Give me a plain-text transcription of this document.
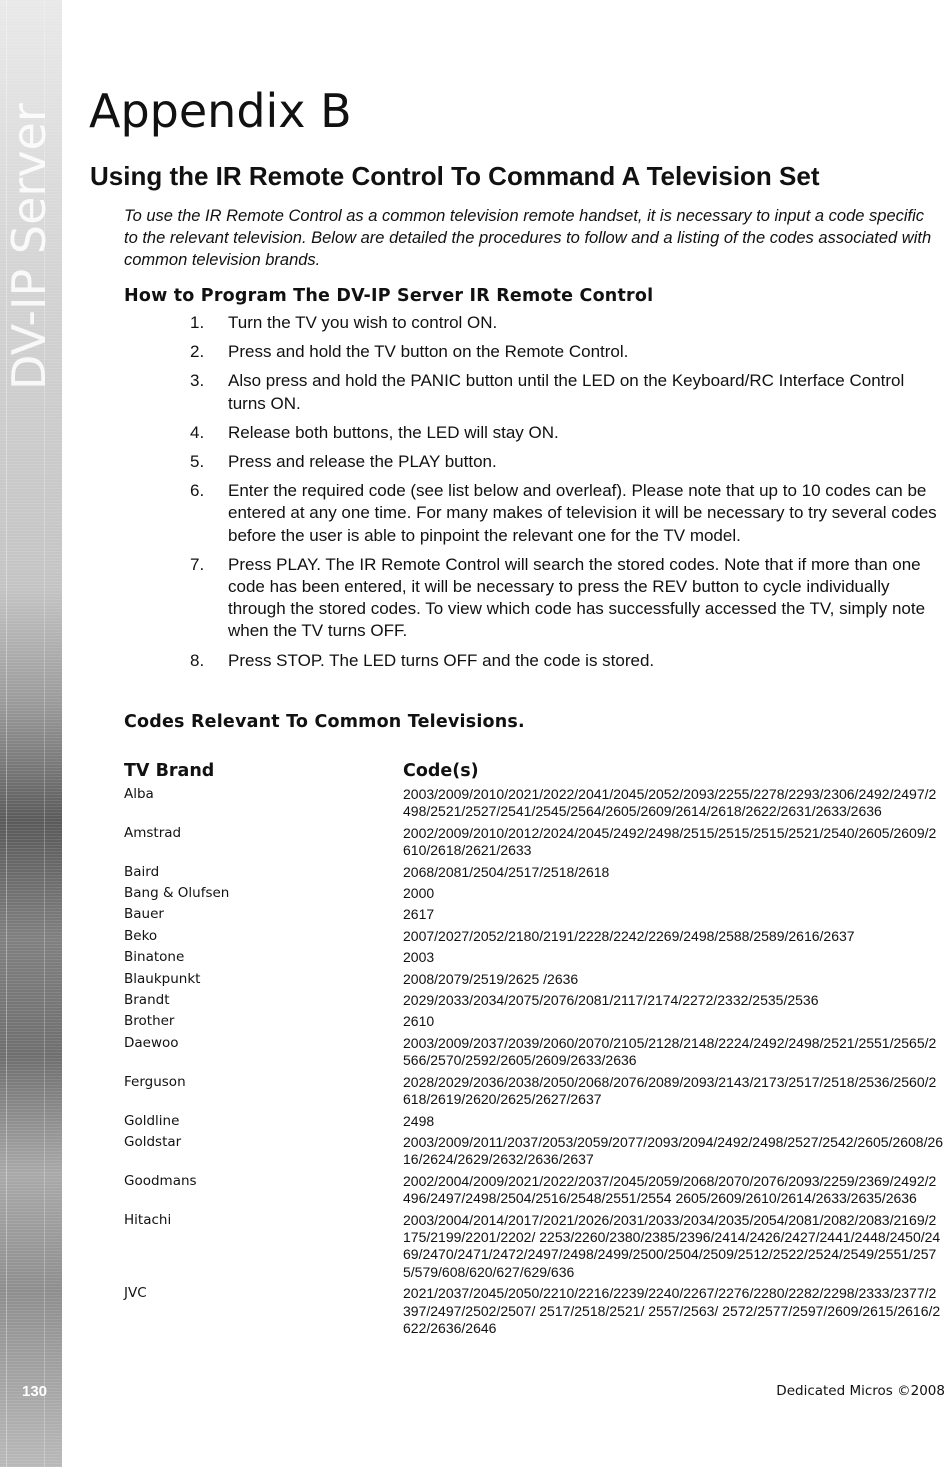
DV-IP Server
130
Appendix B
Using the IR Remote Control To Command A Television Set

To use the IR Remote Control as a common television remote handset, it is necessary to input a code specific to the relevant television. Below are detailed the procedures to follow and a listing of the codes associated with common television brands.

How to Program The DV-IP Server IR Remote Control
1.	Turn the TV you wish to control ON.
2.	Press and hold the TV button on the Remote Control.
3.	Also press and hold the PANIC button until the LED on the Keyboard/RC Interface Control turns ON.
4.	Release both buttons, the LED will stay ON.
5.	Press and release the PLAY button.
6.	Enter the required code (see list below and overleaf). Please note that up to 10 codes can be entered at any one time. For many makes of television it will be necessary to try several codes before the user is able to pinpoint the relevant one for the TV model.
7.	Press PLAY. The IR Remote Control will search the stored codes. Note that if more than one code has been entered, it will be necessary to press the REV button to cycle individually through the stored codes. To view which code has successfully accessed the TV, simply note when the TV turns OFF.
8.	Press STOP. The LED turns OFF and the code is stored.
Codes Relevant To Common Televisions.
TV Brand	Code(s)
Alba	2003/2009/2010/2021/2022/2041/2045/2052/2093/2255/2278/2293/2306/2492/2497/2498/2521/2527/2541/2545/2564/2605/2609/2614/2618/2622/2631/2633/2636
Amstrad	2002/2009/2010/2012/2024/2045/2492/2498/2515/2515/2515/2521/2540/2605/2609/2610/2618/2621/2633
Baird	2068/2081/2504/2517/2518/2618
Bang & Olufsen	2000
Bauer	2617
Beko	2007/2027/2052/2180/2191/2228/2242/2269/2498/2588/2589/2616/2637
Binatone	2003
Blaukpunkt	2008/2079/2519/2625 /2636
Brandt	2029/2033/2034/2075/2076/2081/2117/2174/2272/2332/2535/2536
Brother	2610
Daewoo	2003/2009/2037/2039/2060/2070/2105/2128/2148/2224/2492/2498/2521/2551/2565/2566/2570/2592/2605/2609/2633/2636
Ferguson	2028/2029/2036/2038/2050/2068/2076/2089/2093/2143/2173/2517/2518/2536/2560/2618/2619/2620/2625/2627/2637
Goldline	2498
Goldstar	2003/2009/2011/2037/2053/2059/2077/2093/2094/2492/2498/2527/2542/2605/2608/2616/2624/2629/2632/2636/2637
Goodmans	2002/2004/2009/2021/2022/2037/2045/2059/2068/2070/2076/2093/2259/2369/2492/2496/2497/2498/2504/2516/2548/2551/2554 2605/2609/2610/2614/2633/2635/2636
Hitachi	2003/2004/2014/2017/2021/2026/2031/2033/2034/2035/2054/2081/2082/2083/2169/2175/2199/2201/2202/ 2253/2260/2380/2385/2396/2414/2426/2427/2441/2448/2450/2469/2470/2471/2472/2497/2498/2499/2500/2504/2509/2512/2522/2524/2549/2551/2575/579/608/620/627/629/636
JVC	2021/2037/2045/2050/2210/2216/2239/2240/2267/2276/2280/2282/2298/2333/2377/2397/2497/2502/2507/ 2517/2518/2521/ 2557/2563/ 2572/2577/2597/2609/2615/2616/2622/2636/2646
Dedicated Micros ©2008
